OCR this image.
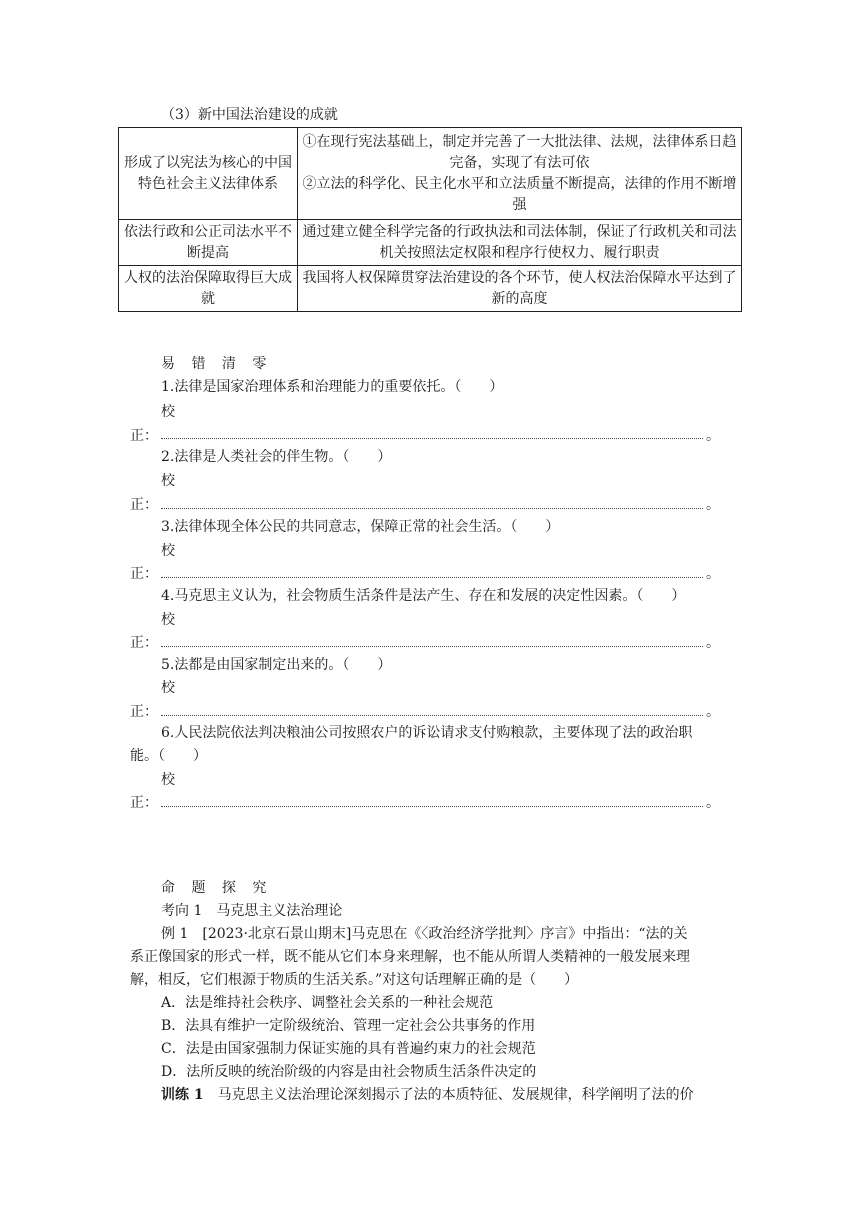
（3）新中国法治建设的成就
形成了以宪法为核心的中国特色社会主义法律体系	①在现行宪法基础上，制定并完善了一大批法律、法规，法律体系日趋完备，实现了有法可依
②立法的科学化、民主化水平和立法质量不断提高，法律的作用不断增强

依法行政和公正司法水平不断提高	通过建立健全科学完备的行政执法和司法体制，保证了行政机关和司法机关按照法定权限和程序行使权力、履行职责

人权的法治保障取得巨大成就	我国将人权保障贯穿法治建设的各个环节，使人权法治保障水平达到了新的高度
易 错 清 零
1.法律是国家治理体系和治理能力的重要依托。（　　）
校
正：	。
2.法律是人类社会的伴生物。（　　）
校
正：	。
3.法律体现全体公民的共同意志，保障正常的社会生活。（　　）
校
正：	。
4.马克思主义认为，社会物质生活条件是法产生、存在和发展的决定性因素。（　　）
校
正：	。
5.法都是由国家制定出来的。（　　）
校
正：	。
6.人民法院依法判决粮油公司按照农户的诉讼请求支付购粮款，主要体现了法的政治职
能。（　　）
校
正：	。
命 题 探 究
考向 1　马克思主义法治理论
例 1　[2023·北京石景山期末]马克思在《〈政治经济学批判〉序言》中指出：“法的关
系正像国家的形式一样，既不能从它们本身来理解，也不能从所谓人类精神的一般发展来理
解，相反，它们根源于物质的生活关系。”对这句话理解正确的是（　　）
A．法是维持社会秩序、调整社会关系的一种社会规范
B．法具有维护一定阶级统治、管理一定社会公共事务的作用
C．法是由国家强制力保证实施的具有普遍约束力的社会规范
D．法所反映的统治阶级的内容是由社会物质生活条件决定的
训练 1　马克思主义法治理论深刻揭示了法的本质特征、发展规律，科学阐明了法的价
